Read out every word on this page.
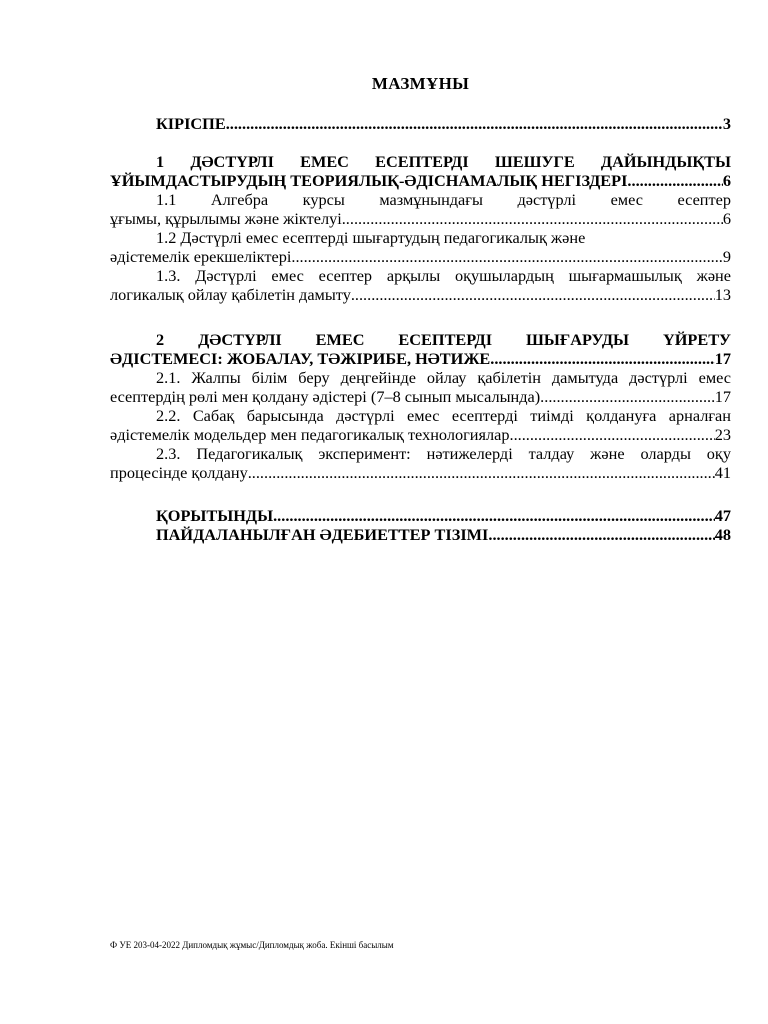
МАЗМҰНЫ
КІРІСПЕ .....	3
1 ДӘСТҮРЛІ ЕМЕС ЕСЕПТЕРДІ ШЕШУГЕ ДАЙЫНДЫҚТЫ
ҰЙЫМДАСТЫРУДЫҢ ТЕОРИЯЛЫҚ-ӘДІСНАМАЛЫҚ НЕГІЗДЕРІ .....	6
1.1 Алгебра курсы мазмұнындағы дәстүрлі емес есептер
ұғымы, құрылымы және жіктелуі .....	6
1.2 Дәстүрлі емес есептерді шығартудың педагогикалық және
әдістемелік ерекшеліктері .....	9
1.3. Дәстүрлі емес есептер арқылы оқушылардың шығармашылық және
логикалық ойлау қабілетін дамыту .....	13
2 ДӘСТҮРЛІ ЕМЕС ЕСЕПТЕРДІ ШЫҒАРУДЫ ҮЙРЕТУ
ӘДІСТЕМЕСІ: ЖОБАЛАУ, ТӘЖІРИБЕ, НӘТИЖЕ .....	17
2.1. Жалпы білім беру деңгейінде ойлау қабілетін дамытуда дәстүрлі емес
есептердің рөлі мен қолдану әдістері (7–8 сынып мысалында) .....	17
2.2. Сабақ барысында дәстүрлі емес есептерді тиімді қолдануға арналған
әдістемелік модельдер мен педагогикалық технологиялар .....	23
2.3. Педагогикалық эксперимент: нәтижелерді талдау және оларды оқу
процесінде қолдану .....	41
ҚОРЫТЫНДЫ .....	47
ПАЙДАЛАНЫЛҒАН ӘДЕБИЕТТЕР ТІЗІМІ .....	48
Ф УЕ 203-04-2022 Дипломдық жұмыс/Дипломдық жоба. Екінші басылым
